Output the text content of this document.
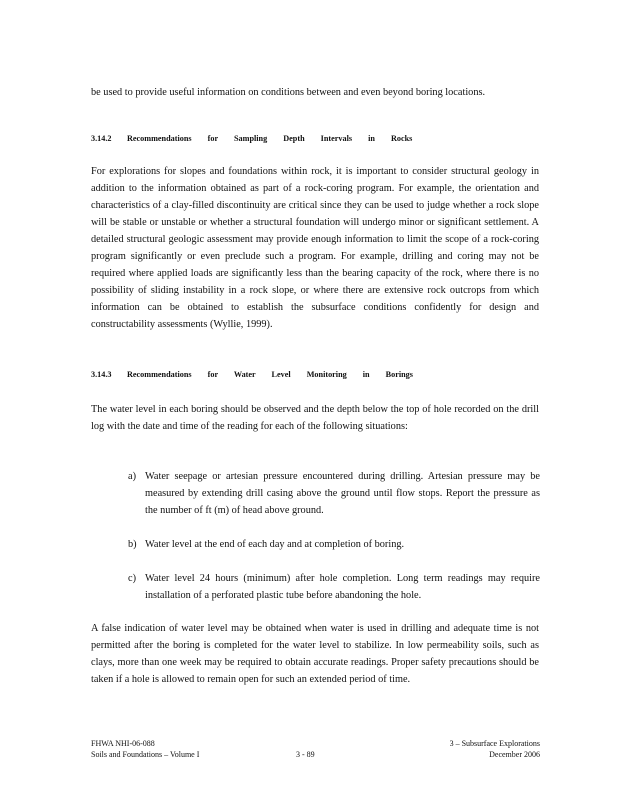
be used to provide useful information on conditions between and even beyond boring locations.

3.14.2	Recommendations for Sampling Depth Intervals in Rocks

For explorations for slopes and foundations within rock, it is important to consider structural geology in addition to the information obtained as part of a rock-coring program. For example, the orientation and characteristics of a clay-filled discontinuity are critical since they can be used to judge whether a rock slope will be stable or unstable or whether a structural foundation will undergo minor or significant settlement. A detailed structural geologic assessment may provide enough information to limit the scope of a rock-coring program significantly or even preclude such a program. For example, drilling and coring may not be required where applied loads are significantly less than the bearing capacity of the rock, where there is no possibility of sliding instability in a rock slope, or where there are extensive rock outcrops from which information can be obtained to establish the subsurface conditions confidently for design and constructability assessments (Wyllie, 1999).

3.14.3	Recommendations for Water Level Monitoring in Borings

The water level in each boring should be observed and the depth below the top of hole recorded on the drill log with the date and time of the reading for each of the following situations:

a) Water seepage or artesian pressure encountered during drilling. Artesian pressure may be measured by extending drill casing above the ground until flow stops. Report the pressure as the number of ft (m) of head above ground.

b) Water level at the end of each day and at completion of boring.

c) Water level 24 hours (minimum) after hole completion. Long term readings may require installation of a perforated plastic tube before abandoning the hole.

A false indication of water level may be obtained when water is used in drilling and adequate time is not permitted after the boring is completed for the water level to stabilize. In low permeability soils, such as clays, more than one week may be required to obtain accurate readings. Proper safety precautions should be taken if a hole is allowed to remain open for such an extended period of time.

FHWA NHI-06-088
Soils and Foundations – Volume I	3 - 89
3 – Subsurface Explorations
December 2006
